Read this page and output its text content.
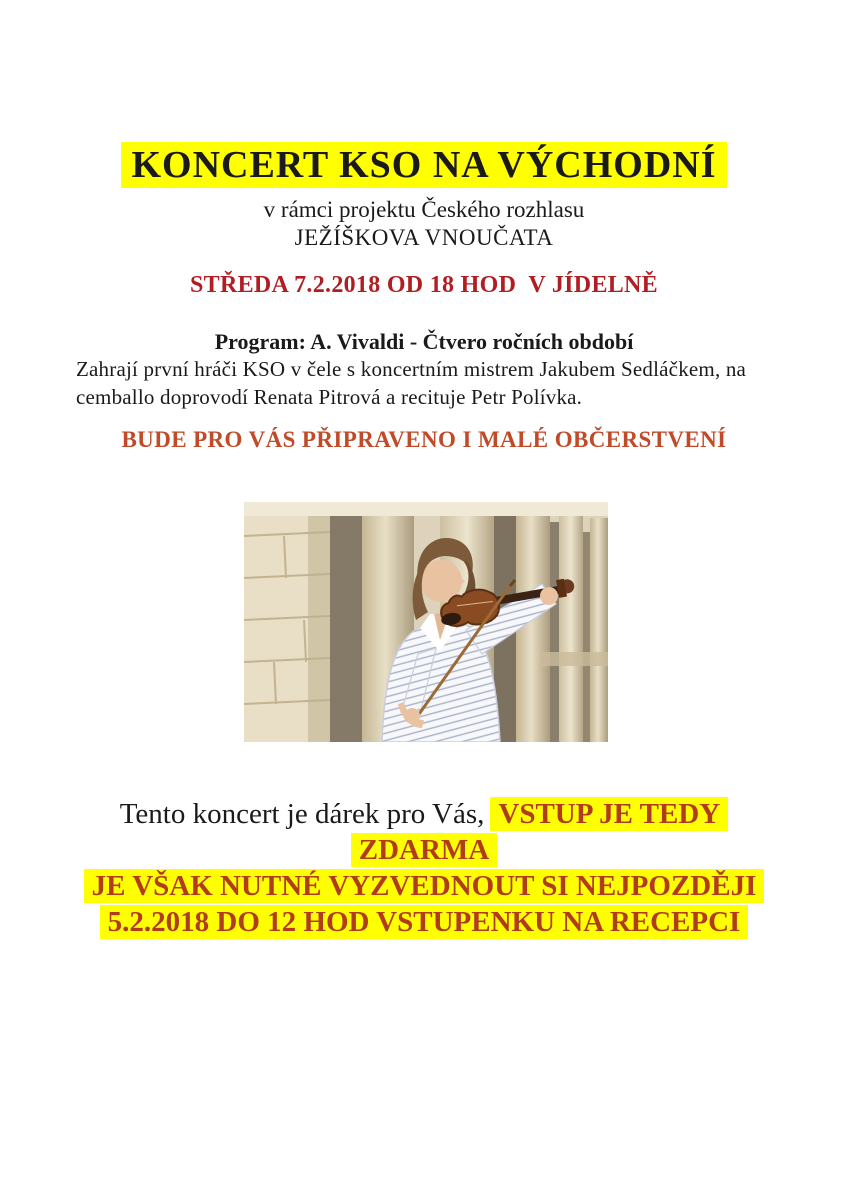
KONCERT KSO NA VÝCHODNÍ
v rámci projektu Českého rozhlasu
JEŽÍŠKOVA VNOUČATA
STŘEDA 7.2.2018 OD 18 HOD  V JÍDELNĚ
Program: A. Vivaldi - Čtvero ročních období
Zahrají první hráči KSO v čele s koncertním mistrem Jakubem Sedláčkem, na cemballo doprovodí Renata Pitrová a recituje Petr Polívka.
BUDE PRO VÁS PŘIPRAVENO I MALÉ OBČERSTVENÍ
Tento koncert je dárek pro Vás, VSTUP JE TEDY
ZDARMA
JE VŠAK NUTNÉ VYZVEDNOUT SI NEJPOZDĚJI
5.2.2018 DO 12 HOD VSTUPENKU NA RECEPCI
